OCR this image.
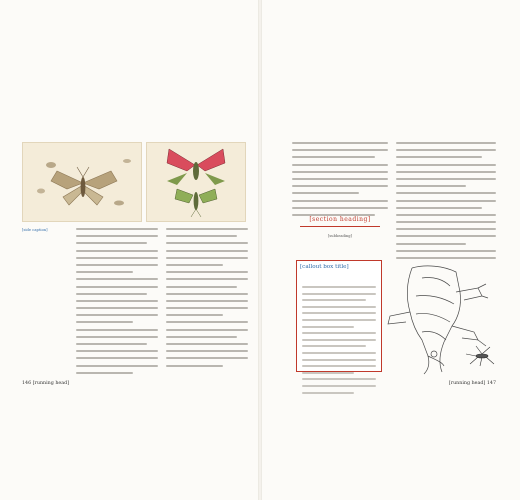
[side caption]
[section heading]
[subheading]
[callout box title]
146 [running head]	[running head] 147
